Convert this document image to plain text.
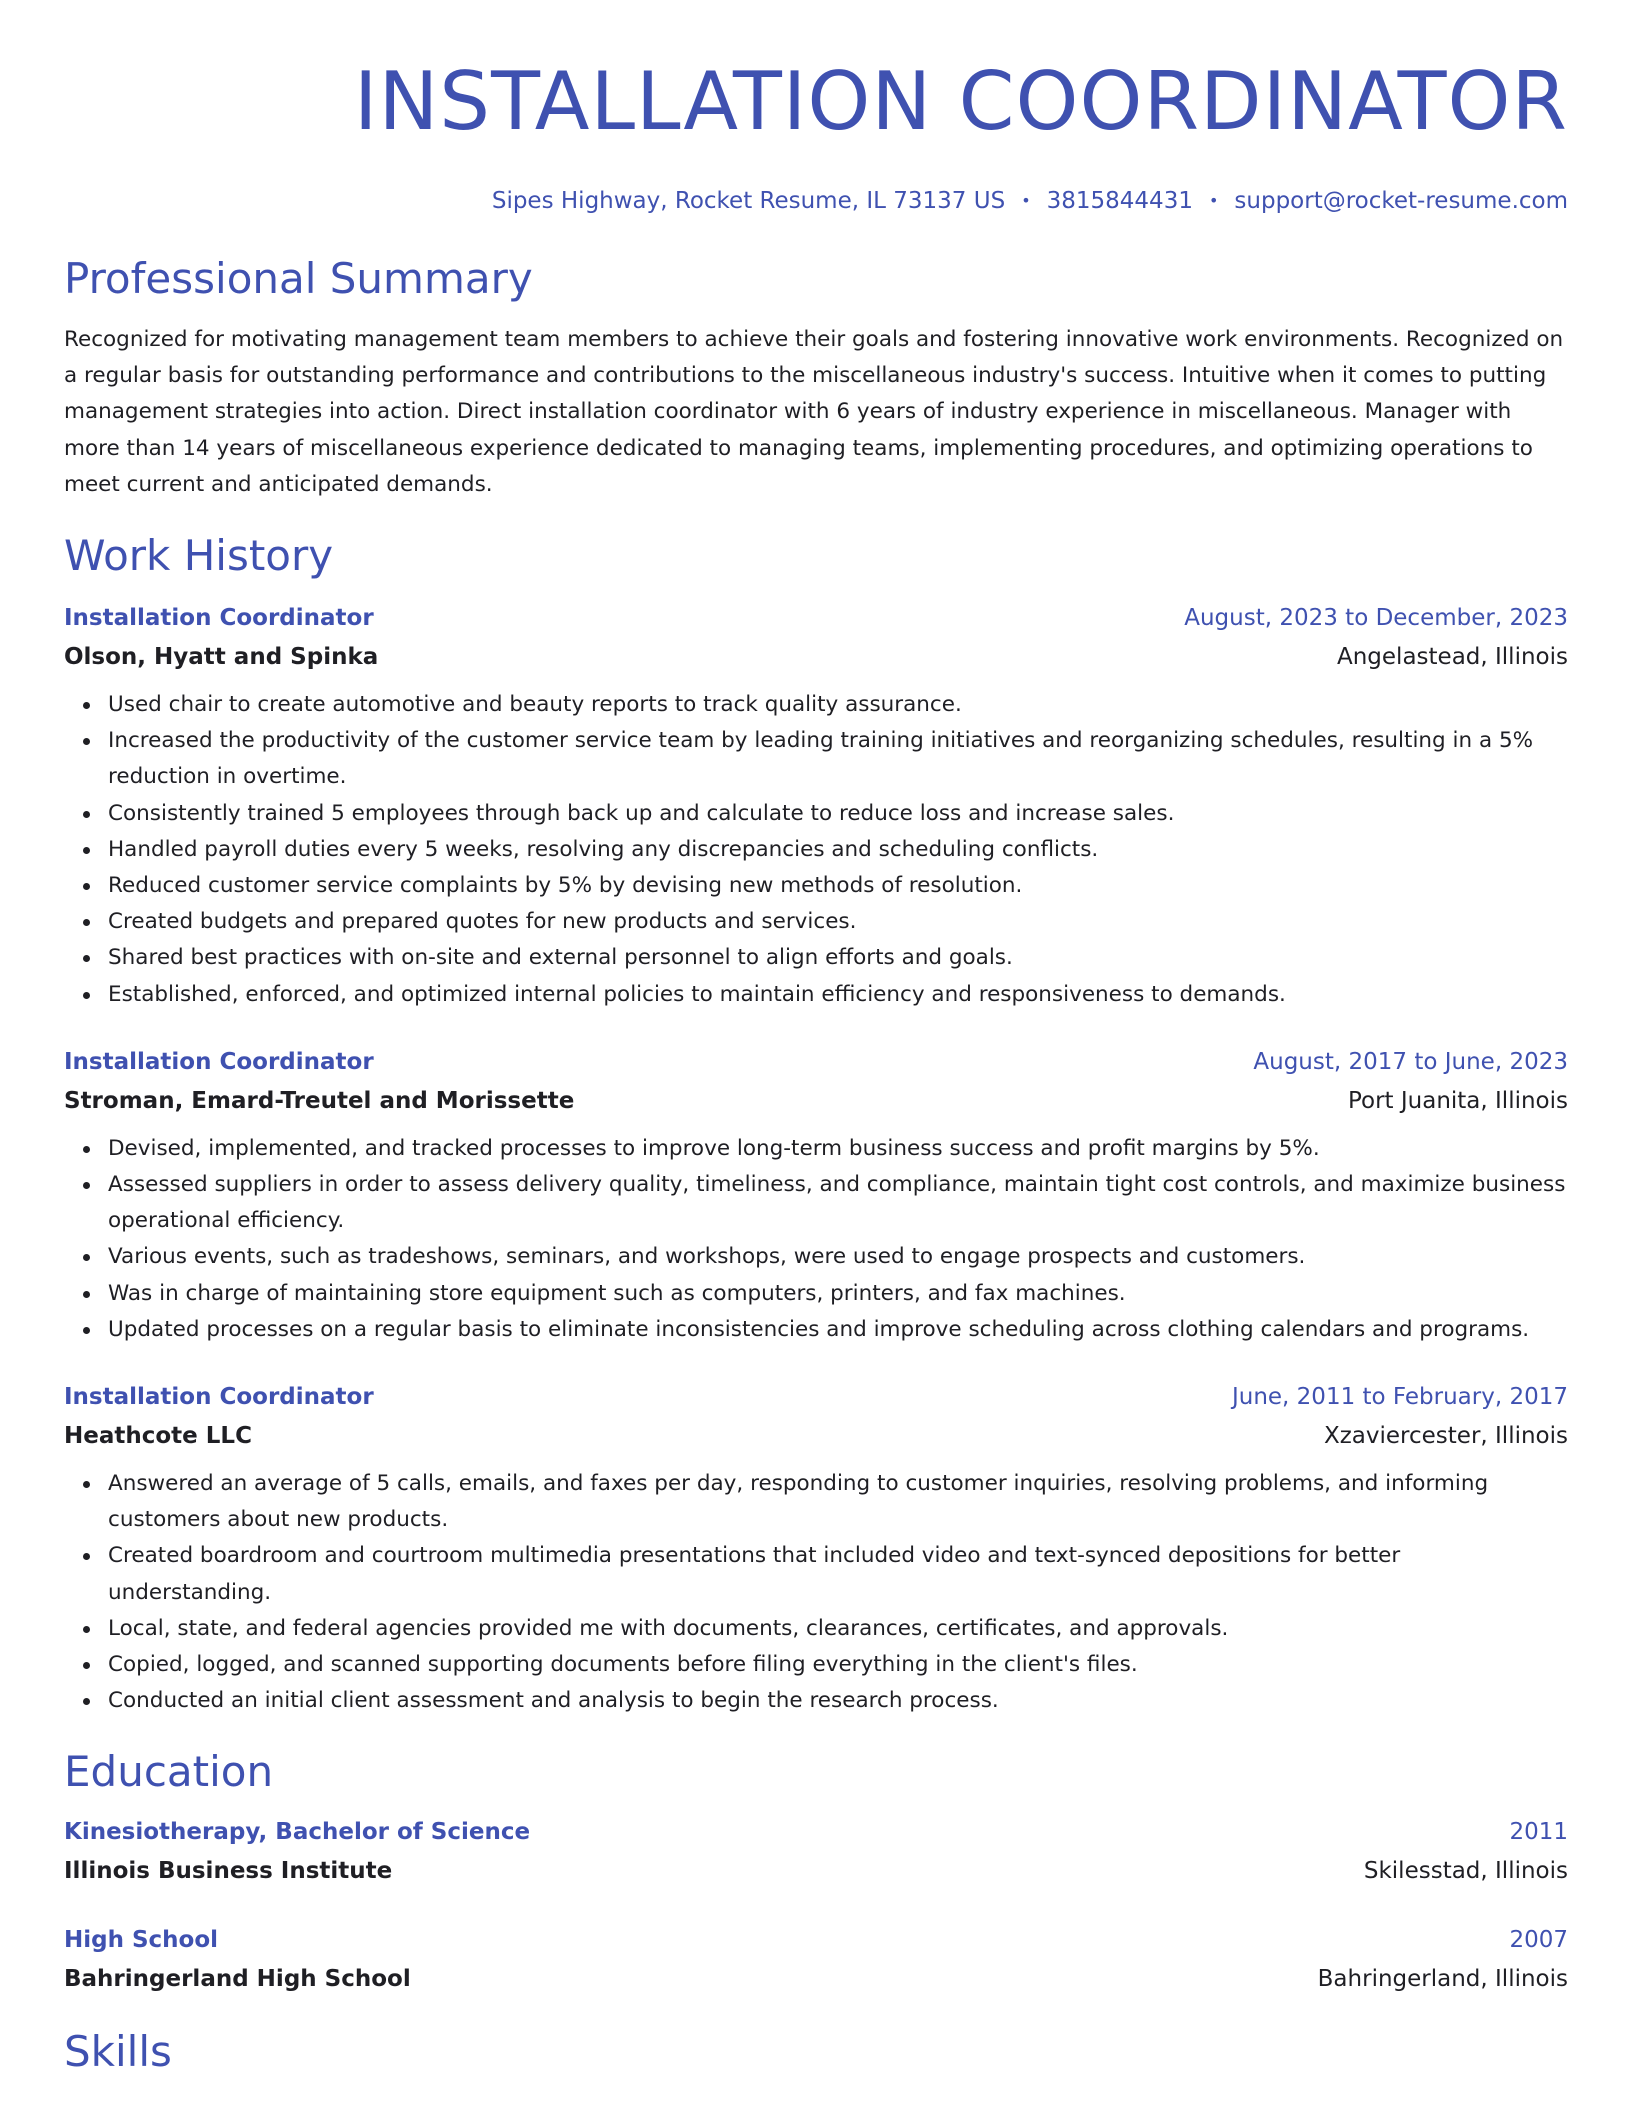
INSTALLATION COORDINATOR
Sipes Highway, Rocket Resume, IL 73137 US • 3815844431 • support@rocket-resume.com
Professional Summary
Recognized for motivating management team members to achieve their goals and fostering innovative work environments. Recognized on a regular basis for outstanding performance and contributions to the miscellaneous industry's success. Intuitive when it comes to putting management strategies into action. Direct installation coordinator with 6 years of industry experience in miscellaneous. Manager with more than 14 years of miscellaneous experience dedicated to managing teams, implementing procedures, and optimizing operations to meet current and anticipated demands.
Work History
Installation Coordinator	August, 2023 to December, 2023
Olson, Hyatt and Spinka	Angelastead, Illinois
Used chair to create automotive and beauty reports to track quality assurance.
Increased the productivity of the customer service team by leading training initiatives and reorganizing schedules, resulting in a 5% reduction in overtime.
Consistently trained 5 employees through back up and calculate to reduce loss and increase sales.
Handled payroll duties every 5 weeks, resolving any discrepancies and scheduling conflicts.
Reduced customer service complaints by 5% by devising new methods of resolution.
Created budgets and prepared quotes for new products and services.
Shared best practices with on-site and external personnel to align efforts and goals.
Established, enforced, and optimized internal policies to maintain efficiency and responsiveness to demands.
Installation Coordinator	August, 2017 to June, 2023
Stroman, Emard-Treutel and Morissette	Port Juanita, Illinois
Devised, implemented, and tracked processes to improve long-term business success and profit margins by 5%.
Assessed suppliers in order to assess delivery quality, timeliness, and compliance, maintain tight cost controls, and maximize business operational efficiency.
Various events, such as tradeshows, seminars, and workshops, were used to engage prospects and customers.
Was in charge of maintaining store equipment such as computers, printers, and fax machines.
Updated processes on a regular basis to eliminate inconsistencies and improve scheduling across clothing calendars and programs.
Installation Coordinator	June, 2011 to February, 2017
Heathcote LLC	Xzaviercester, Illinois
Answered an average of 5 calls, emails, and faxes per day, responding to customer inquiries, resolving problems, and informing customers about new products.
Created boardroom and courtroom multimedia presentations that included video and text-synced depositions for better understanding.
Local, state, and federal agencies provided me with documents, clearances, certificates, and approvals.
Copied, logged, and scanned supporting documents before filing everything in the client's files.
Conducted an initial client assessment and analysis to begin the research process.
Education
Kinesiotherapy, Bachelor of Science	2011
Illinois Business Institute	Skilesstad, Illinois
High School	2007
Bahringerland High School	Bahringerland, Illinois
Skills
